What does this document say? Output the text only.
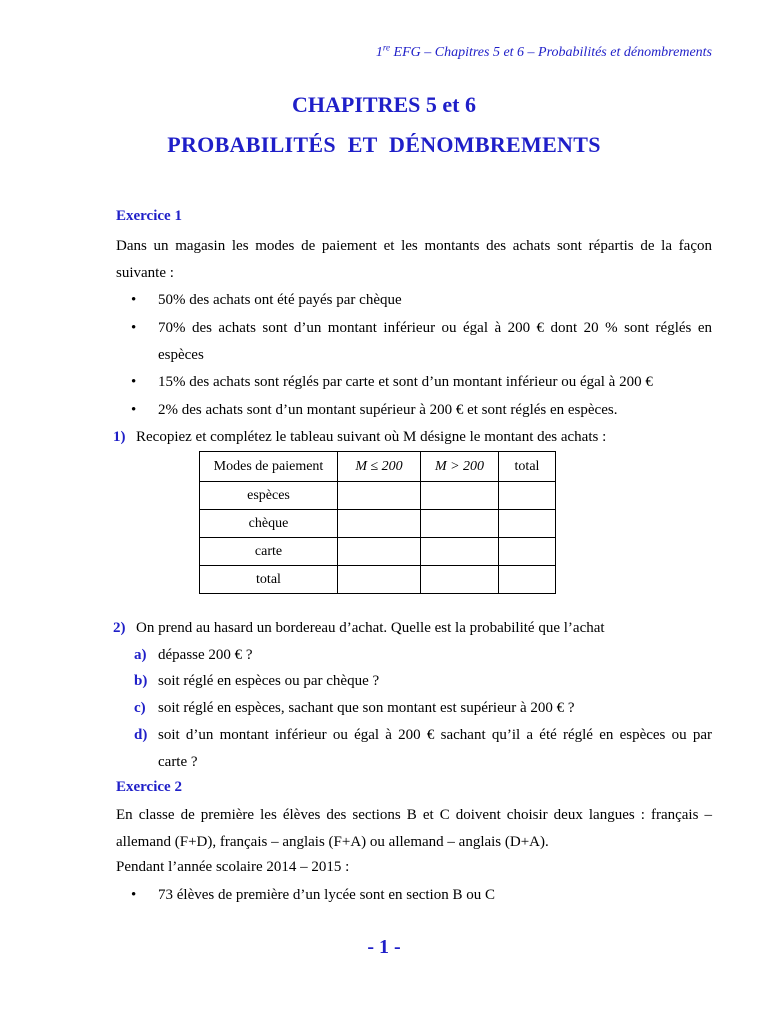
1re EFG – Chapitres 5 et 6 – Probabilités et dénombrements
CHAPITRES 5 et 6
PROBABILITÉS ET DÉNOMBREMENTS
Exercice 1
Dans un magasin les modes de paiement et les montants des achats sont répartis de la façon
suivante :
• 50% des achats ont été payés par chèque
• 70% des achats sont d’un montant inférieur ou égal à 200 € dont 20 % sont réglés en
espèces
• 15% des achats sont réglés par carte et sont d’un montant inférieur ou égal à 200 €
• 2% des achats sont d’un montant supérieur à 200 € et sont réglés en espèces.
1) Recopiez et complétez le tableau suivant où M désigne le montant des achats :
Modes de paiement	M ≤ 200	M > 200	total
espèces			
chèque			
carte			
total			
2) On prend au hasard un bordereau d’achat. Quelle est la probabilité que l’achat
a) dépasse 200 € ?
b) soit réglé en espèces ou par chèque ?
c) soit réglé en espèces, sachant que son montant est supérieur à 200 € ?
d) soit d’un montant inférieur ou égal à 200 € sachant qu’il a été réglé en espèces ou par
carte ?
Exercice 2
En classe de première les élèves des sections B et C doivent choisir deux langues : français –
allemand (F+D), français – anglais (F+A) ou allemand – anglais (D+A).
Pendant l’année scolaire 2014 – 2015 :
• 73 élèves de première d’un lycée sont en section B ou C
- 1 -
